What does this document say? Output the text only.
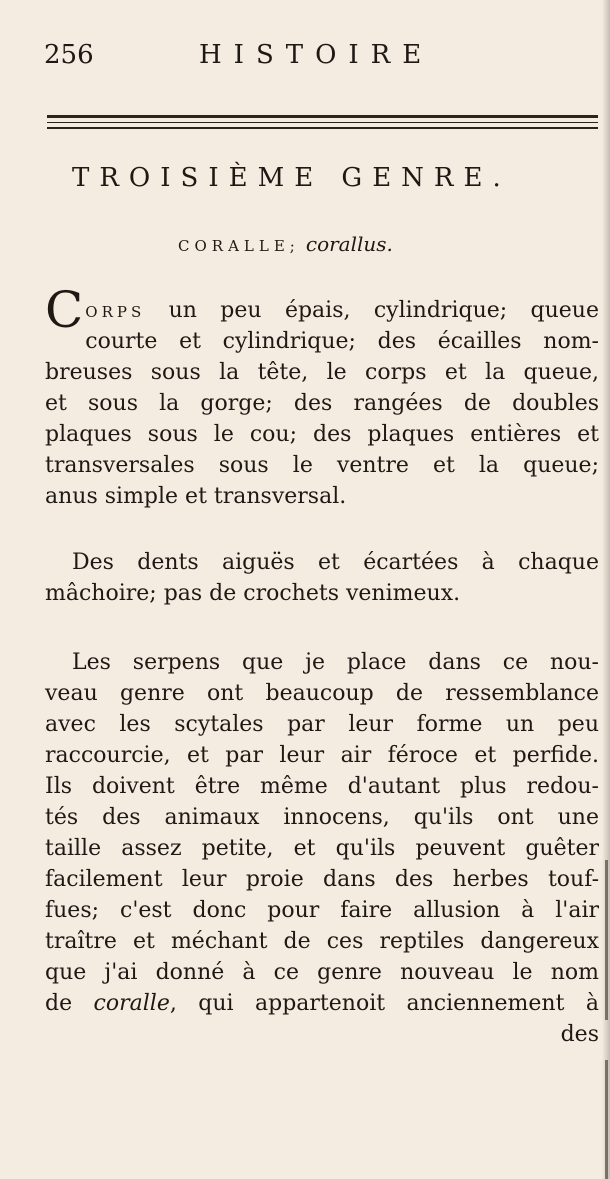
256	HISTOIRE
TROISIÈME GENRE.
CORALLE; corallus.
CORPS un peu épais, cylindrique; queue
courte et cylindrique; des écailles nom-
breuses sous la tête, le corps et la queue,
et sous la gorge; des rangées de doubles
plaques sous le cou; des plaques entières et
transversales sous le ventre et la queue;
anus simple et transversal.
Des dents aiguës et écartées à chaque
mâchoire; pas de crochets venimeux.
Les serpens que je place dans ce nou-
veau genre ont beaucoup de ressemblance
avec les scytales par leur forme un peu
raccourcie, et par leur air féroce et perfide.
Ils doivent être même d'autant plus redou-
tés des animaux innocens, qu'ils ont une
taille assez petite, et qu'ils peuvent guêter
facilement leur proie dans des herbes touf-
fues; c'est donc pour faire allusion à l'air
traître et méchant de ces reptiles dangereux
que j'ai donné à ce genre nouveau le nom
de coralle, qui appartenoit anciennement à
des
